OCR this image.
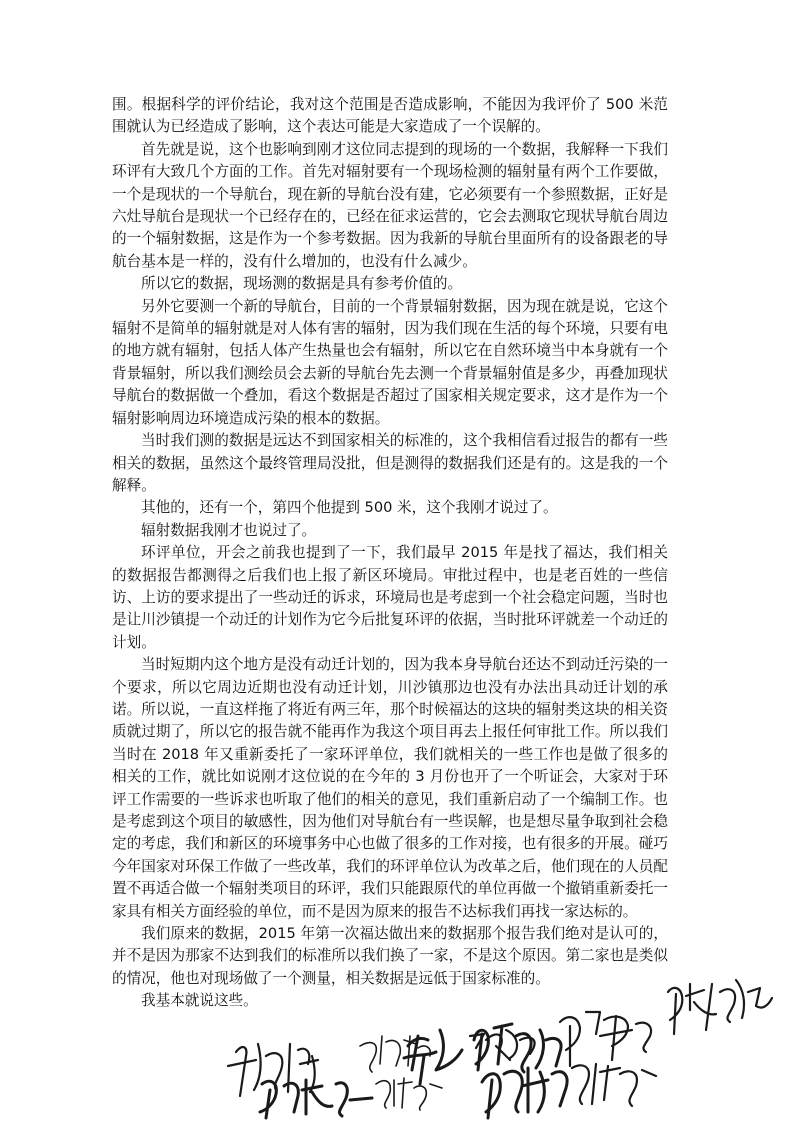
围。根据科学的评价结论，我对这个范围是否造成影响，不能因为我评价了 500 米范围就认为已经造成了影响，这个表达可能是大家造成了一个误解的。

首先就是说，这个也影响到刚才这位同志提到的现场的一个数据，我解释一下我们环评有大致几个方面的工作。首先对辐射要有一个现场检测的辐射量有两个工作要做，一个是现状的一个导航台，现在新的导航台没有建，它必须要有一个参照数据，正好是六灶导航台是现状一个已经存在的，已经在征求运营的，它会去测取它现状导航台周边的一个辐射数据，这是作为一个参考数据。因为我新的导航台里面所有的设备跟老的导航台基本是一样的，没有什么增加的，也没有什么减少。

所以它的数据，现场测的数据是具有参考价值的。

另外它要测一个新的导航台，目前的一个背景辐射数据，因为现在就是说，它这个辐射不是简单的辐射就是对人体有害的辐射，因为我们现在生活的每个环境，只要有电的地方就有辐射，包括人体产生热量也会有辐射，所以它在自然环境当中本身就有一个背景辐射，所以我们测绘员会去新的导航台先去测一个背景辐射值是多少，再叠加现状导航台的数据做一个叠加，看这个数据是否超过了国家相关规定要求，这才是作为一个辐射影响周边环境造成污染的根本的数据。

当时我们测的数据是远达不到国家相关的标准的，这个我相信看过报告的都有一些相关的数据，虽然这个最终管理局没批，但是测得的数据我们还是有的。这是我的一个解释。

其他的，还有一个，第四个他提到 500 米，这个我刚才说过了。

辐射数据我刚才也说过了。

环评单位，开会之前我也提到了一下，我们最早 2015 年是找了福达，我们相关的数据报告都测得之后我们也上报了新区环境局。审批过程中，也是老百姓的一些信访、上访的要求提出了一些动迁的诉求，环境局也是考虑到一个社会稳定问题，当时也是让川沙镇提一个动迁的计划作为它今后批复环评的依据，当时批环评就差一个动迁的计划。

当时短期内这个地方是没有动迁计划的，因为我本身导航台还达不到动迁污染的一个要求，所以它周边近期也没有动迁计划，川沙镇那边也没有办法出具动迁计划的承诺。所以说，一直这样拖了将近有两三年，那个时候福达的这块的辐射类这块的相关资质就过期了，所以它的报告就不能再作为我这个项目再去上报任何审批工作。所以我们当时在 2018 年又重新委托了一家环评单位，我们就相关的一些工作也是做了很多的相关的工作，就比如说刚才这位说的在今年的 3 月份也开了一个听证会，大家对于环评工作需要的一些诉求也听取了他们的相关的意见，我们重新启动了一个编制工作。也是考虑到这个项目的敏感性，因为他们对导航台有一些误解，也是想尽量争取到社会稳定的考虑，我们和新区的环境事务中心也做了很多的工作对接，也有很多的开展。碰巧今年国家对环保工作做了一些改革，我们的环评单位认为改革之后，他们现在的人员配置不再适合做一个辐射类项目的环评，我们只能跟原代的单位再做一个撤销重新委托一家具有相关方面经验的单位，而不是因为原来的报告不达标我们再找一家达标的。

我们原来的数据，2015 年第一次福达做出来的数据那个报告我们绝对是认可的，并不是因为那家不达到我们的标准所以我们换了一家，不是这个原因。第二家也是类似的情况，他也对现场做了一个测量，相关数据是远低于国家标准的。

我基本就说这些。
